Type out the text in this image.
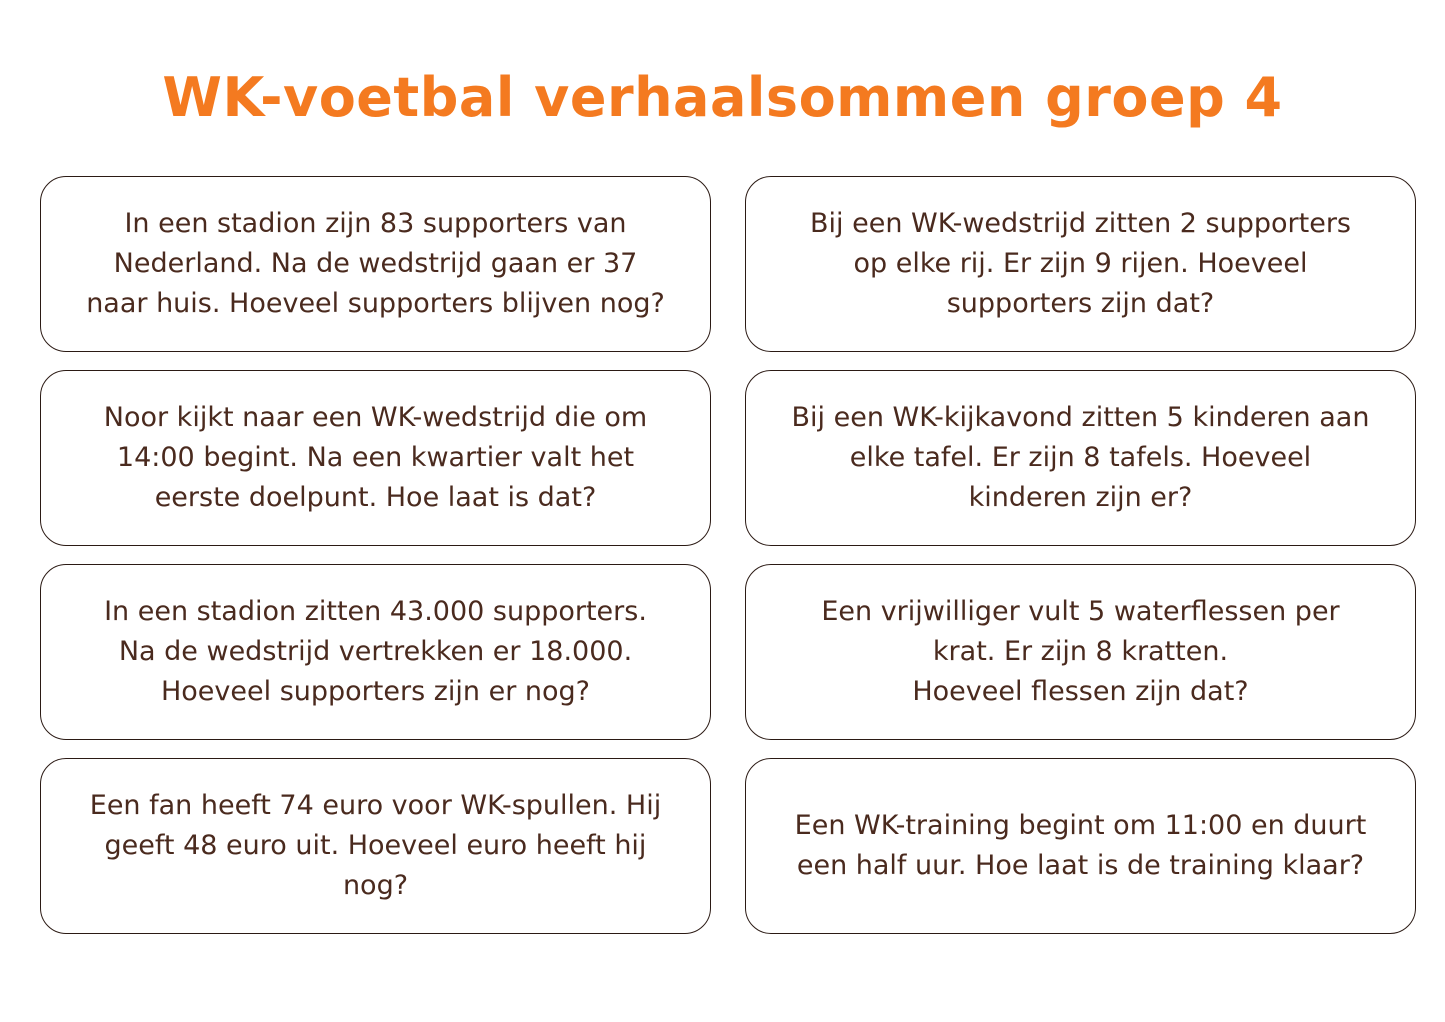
WK-voetbal verhaalsommen groep 4
In een stadion zijn 83 supporters van
Nederland. Na de wedstrijd gaan er 37
naar huis. Hoeveel supporters blijven nog?
Bij een WK-wedstrijd zitten 2 supporters
op elke rij. Er zijn 9 rijen. Hoeveel
supporters zijn dat?
Noor kijkt naar een WK-wedstrijd die om
14:00 begint. Na een kwartier valt het
eerste doelpunt. Hoe laat is dat?
Bij een WK-kijkavond zitten 5 kinderen aan
elke tafel. Er zijn 8 tafels. Hoeveel
kinderen zijn er?
In een stadion zitten 43.000 supporters.
Na de wedstrijd vertrekken er 18.000.
Hoeveel supporters zijn er nog?
Een vrijwilliger vult 5 waterflessen per
krat. Er zijn 8 kratten.
Hoeveel flessen zijn dat?
Een fan heeft 74 euro voor WK-spullen. Hij
geeft 48 euro uit. Hoeveel euro heeft hij
nog?
Een WK-training begint om 11:00 en duurt
een half uur. Hoe laat is de training klaar?
